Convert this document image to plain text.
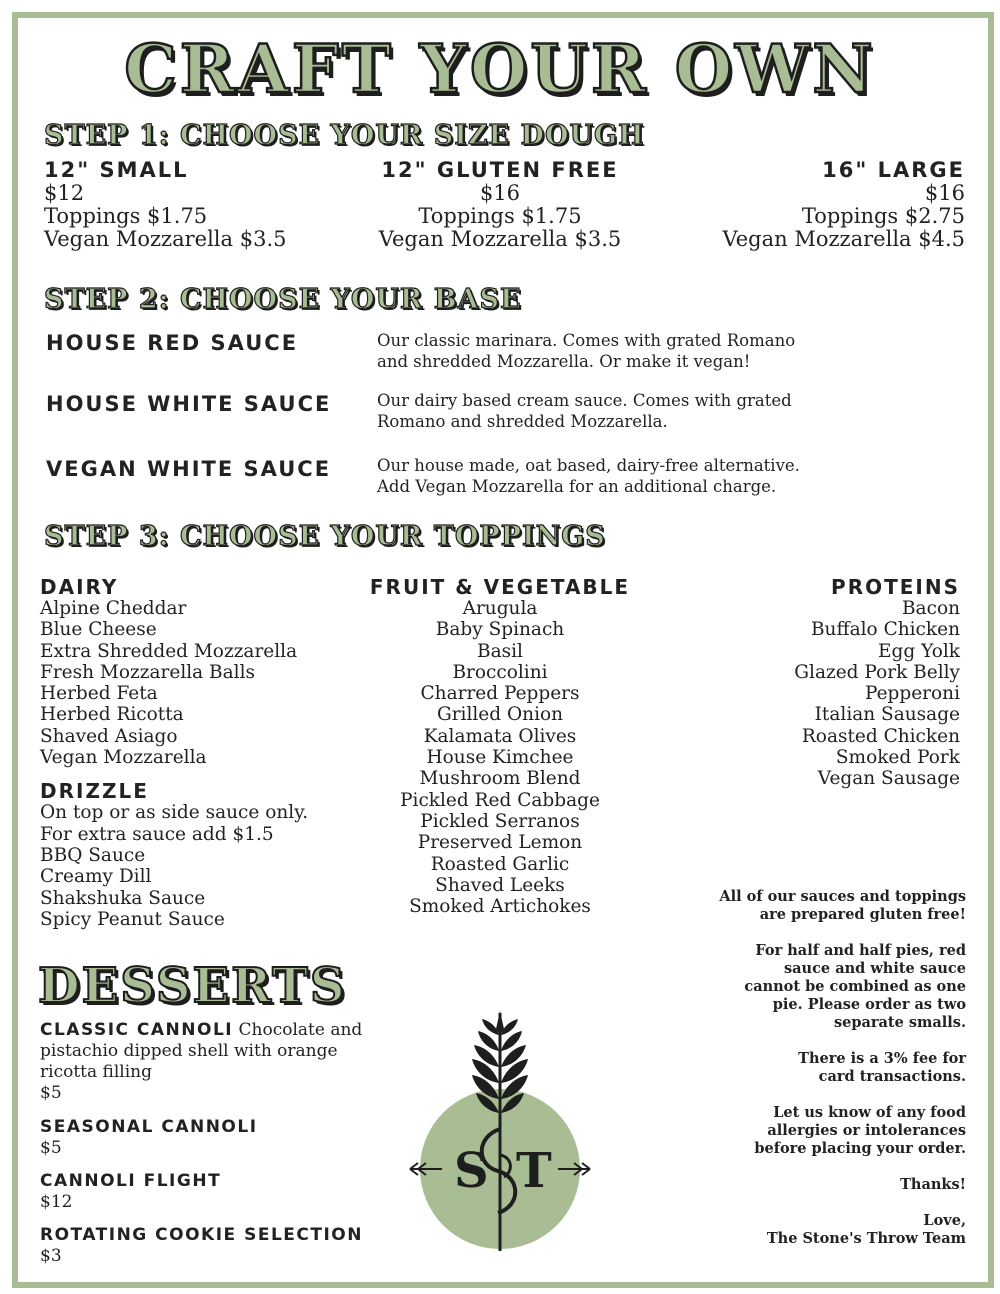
CRAFT YOUR OWN
STEP 1: CHOOSE YOUR SIZE DOUGH
12" SMALL
$12
Toppings $1.75
Vegan Mozzarella $3.5
12" GLUTEN FREE
$16
Toppings $1.75
Vegan Mozzarella $3.5
16" LARGE
$16
Toppings $2.75
Vegan Mozzarella $4.5
STEP 2: CHOOSE YOUR BASE
HOUSE RED SAUCE	Our classic marinara. Comes with grated Romano
and shredded Mozzarella. Or make it vegan!
HOUSE WHITE SAUCE	Our dairy based cream sauce. Comes with grated
Romano and shredded Mozzarella.
VEGAN WHITE SAUCE	Our house made, oat based, dairy-free alternative.
Add Vegan Mozzarella for an additional charge.
STEP 3: CHOOSE YOUR TOPPINGS
DAIRY
Alpine Cheddar
Blue Cheese
Extra Shredded Mozzarella
Fresh Mozzarella Balls
Herbed Feta
Herbed Ricotta
Shaved Asiago
Vegan Mozzarella
DRIZZLE
On top or as side sauce only.
For extra sauce add $1.5
BBQ Sauce
Creamy Dill
Shakshuka Sauce
Spicy Peanut Sauce
FRUIT & VEGETABLE
Arugula
Baby Spinach
Basil
Broccolini
Charred Peppers
Grilled Onion
Kalamata Olives
House Kimchee
Mushroom Blend
Pickled Red Cabbage
Pickled Serranos
Preserved Lemon
Roasted Garlic
Shaved Leeks
Smoked Artichokes
PROTEINS
Bacon
Buffalo Chicken
Egg Yolk
Glazed Pork Belly
Pepperoni
Italian Sausage
Roasted Chicken
Smoked Pork
Vegan Sausage
DESSERTS
CLASSIC CANNOLI Chocolate and pistachio dipped shell with orange ricotta filling
$5
SEASONAL CANNOLI
$5
CANNOLI FLIGHT
$12
ROTATING COOKIE SELECTION
$3
S T

All of our sauces and toppings
are prepared gluten free!

For half and half pies, red
sauce and white sauce
cannot be combined as one
pie. Please order as two
separate smalls.

There is a 3% fee for
card transactions.

Let us know of any food
allergies or intolerances
before placing your order.

Thanks!

Love,
The Stone's Throw Team
